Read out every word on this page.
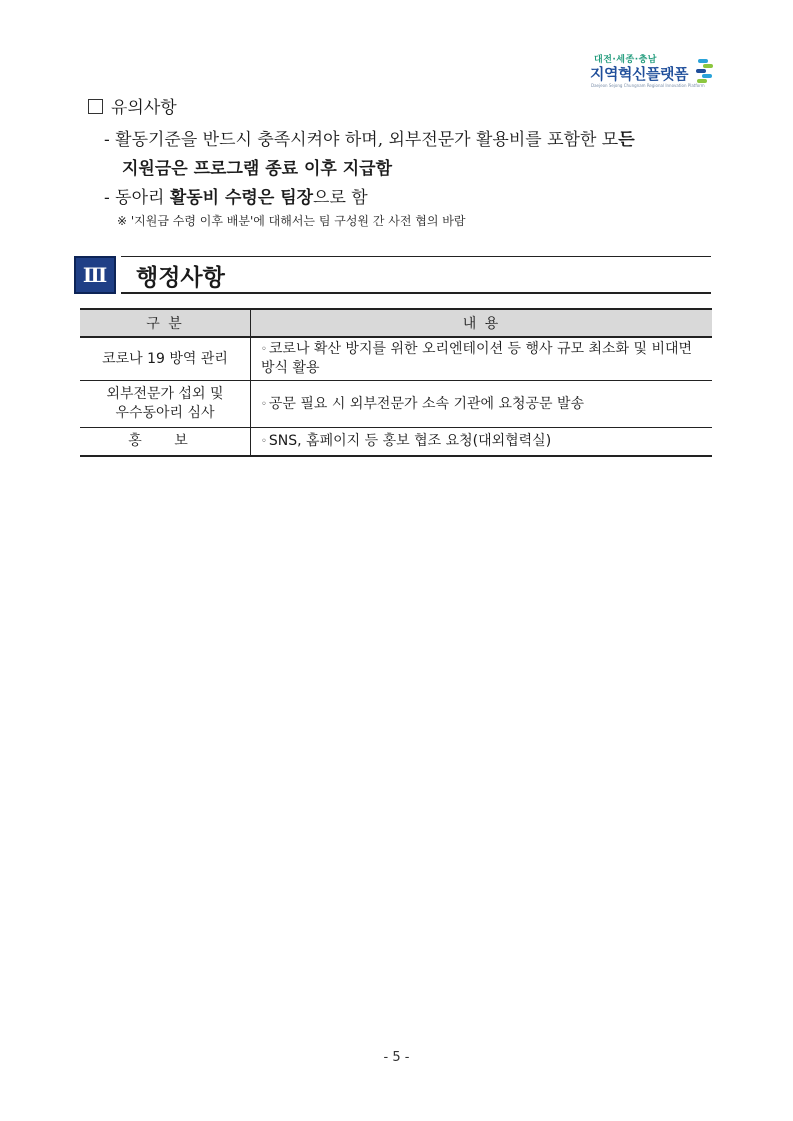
대전·세종·충남
지역혁신플랫폼
Daejeon Sejong Chungnam Regional Innovation Platform
유의사항
- 활동기준을 반드시 충족시켜야 하며, 외부전문가 활용비를 포함한 모든
지원금은 프로그램 종료 이후 지급함
- 동아리 활동비 수령은 팀장으로 함
※ '지원금 수령 이후 배분'에 대해서는 팀 구성원 간 사전 협의 바람
Ⅲ	행정사항
구 분	내 용
코로나 19 방역 관리	◦ 코로나 확산 방지를 위한 오리엔테이션 등 행사 규모 최소화 및 비대면 방식 활용
외부전문가 섭외 및
우수동아리 심사	◦ 공문 필요 시 외부전문가 소속 기관에 요청공문 발송
홍 보	◦ SNS, 홈페이지 등 홍보 협조 요청(대외협력실)
- 5 -
